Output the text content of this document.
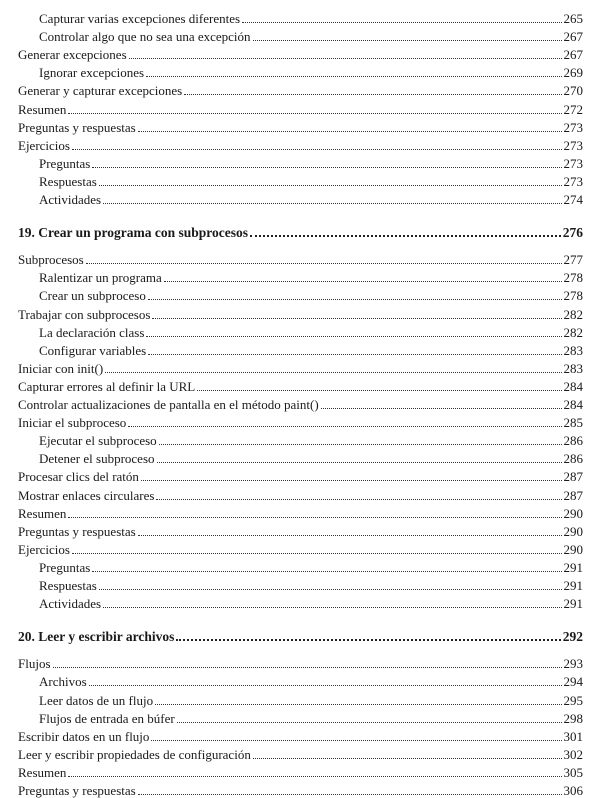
Capturar varias excepciones diferentes	265
Controlar algo que no sea una excepción	267
Generar excepciones	267
Ignorar excepciones	269
Generar y capturar excepciones	270
Resumen	272
Preguntas y respuestas	273
Ejercicios	273
Preguntas	273
Respuestas	273
Actividades	274
19. Crear un programa con subprocesos	276
Subprocesos	277
Ralentizar un programa	278
Crear un subproceso	278
Trabajar con subprocesos	282
La declaración class	282
Configurar variables	283
Iniciar con init()	283
Capturar errores al definir la URL	284
Controlar actualizaciones de pantalla en el método paint()	284
Iniciar el subproceso	285
Ejecutar el subproceso	286
Detener el subproceso	286
Procesar clics del ratón	287
Mostrar enlaces circulares	287
Resumen	290
Preguntas y respuestas	290
Ejercicios	290
Preguntas	291
Respuestas	291
Actividades	291
20. Leer y escribir archivos	292
Flujos	293
Archivos	294
Leer datos de un flujo	295
Flujos de entrada en búfer	298
Escribir datos en un flujo	301
Leer y escribir propiedades de configuración	302
Resumen	305
Preguntas y respuestas	306
